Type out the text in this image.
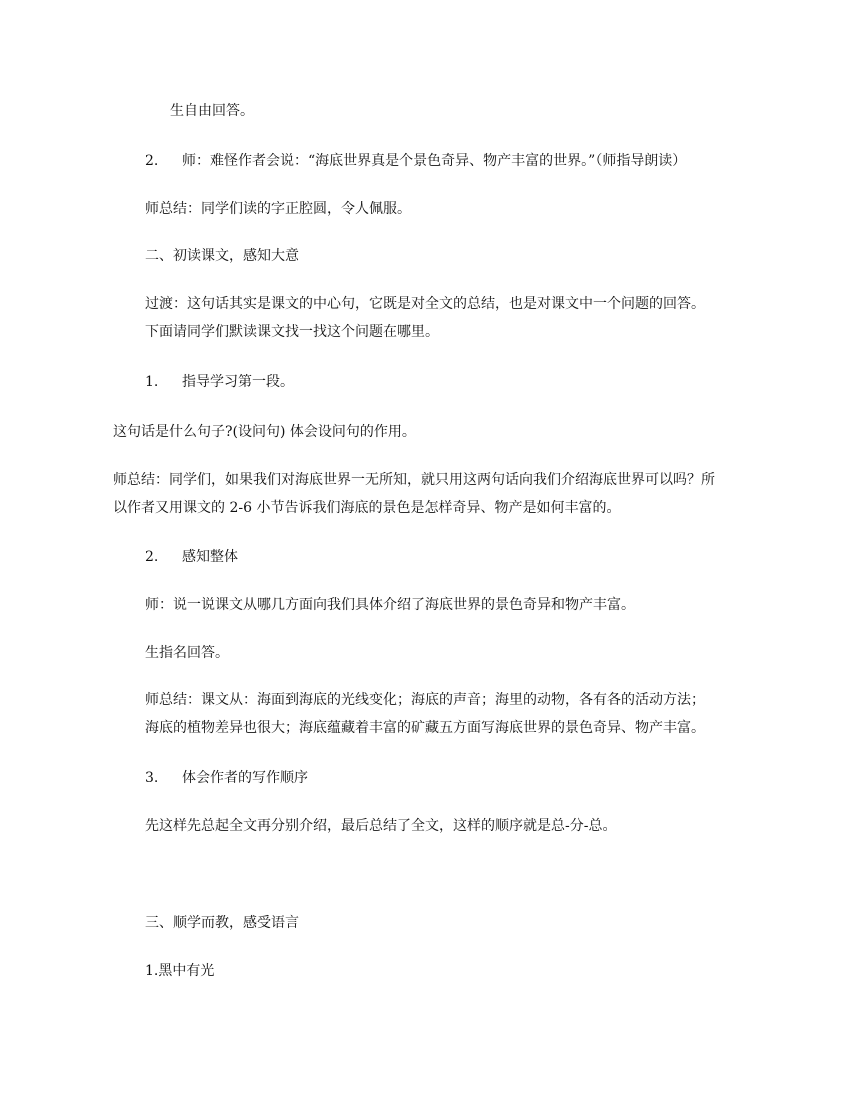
生自由回答。
2. 师：难怪作者会说：“海底世界真是个景色奇异、物产丰富的世界。”（师指导朗读）
师总结：同学们读的字正腔圆，令人佩服。
二、初读课文，感知大意
过渡：这句话其实是课文的中心句，它既是对全文的总结，也是对课文中一个问题的回答。
下面请同学们默读课文找一找这个问题在哪里。
1. 指导学习第一段。
这句话是什么句子?(设问句) 体会设问句的作用。
师总结：同学们，如果我们对海底世界一无所知，就只用这两句话向我们介绍海底世界可以吗？所
以作者又用课文的 2-6 小节告诉我们海底的景色是怎样奇异、物产是如何丰富的。
2. 感知整体
师：说一说课文从哪几方面向我们具体介绍了海底世界的景色奇异和物产丰富。
生指名回答。
师总结：课文从：海面到海底的光线变化；海底的声音；海里的动物，各有各的活动方法；
海底的植物差异也很大；海底蕴藏着丰富的矿藏五方面写海底世界的景色奇异、物产丰富。
3. 体会作者的写作顺序
先这样先总起全文再分别介绍，最后总结了全文，这样的顺序就是总-分-总。
三、顺学而教，感受语言
1.黑中有光
